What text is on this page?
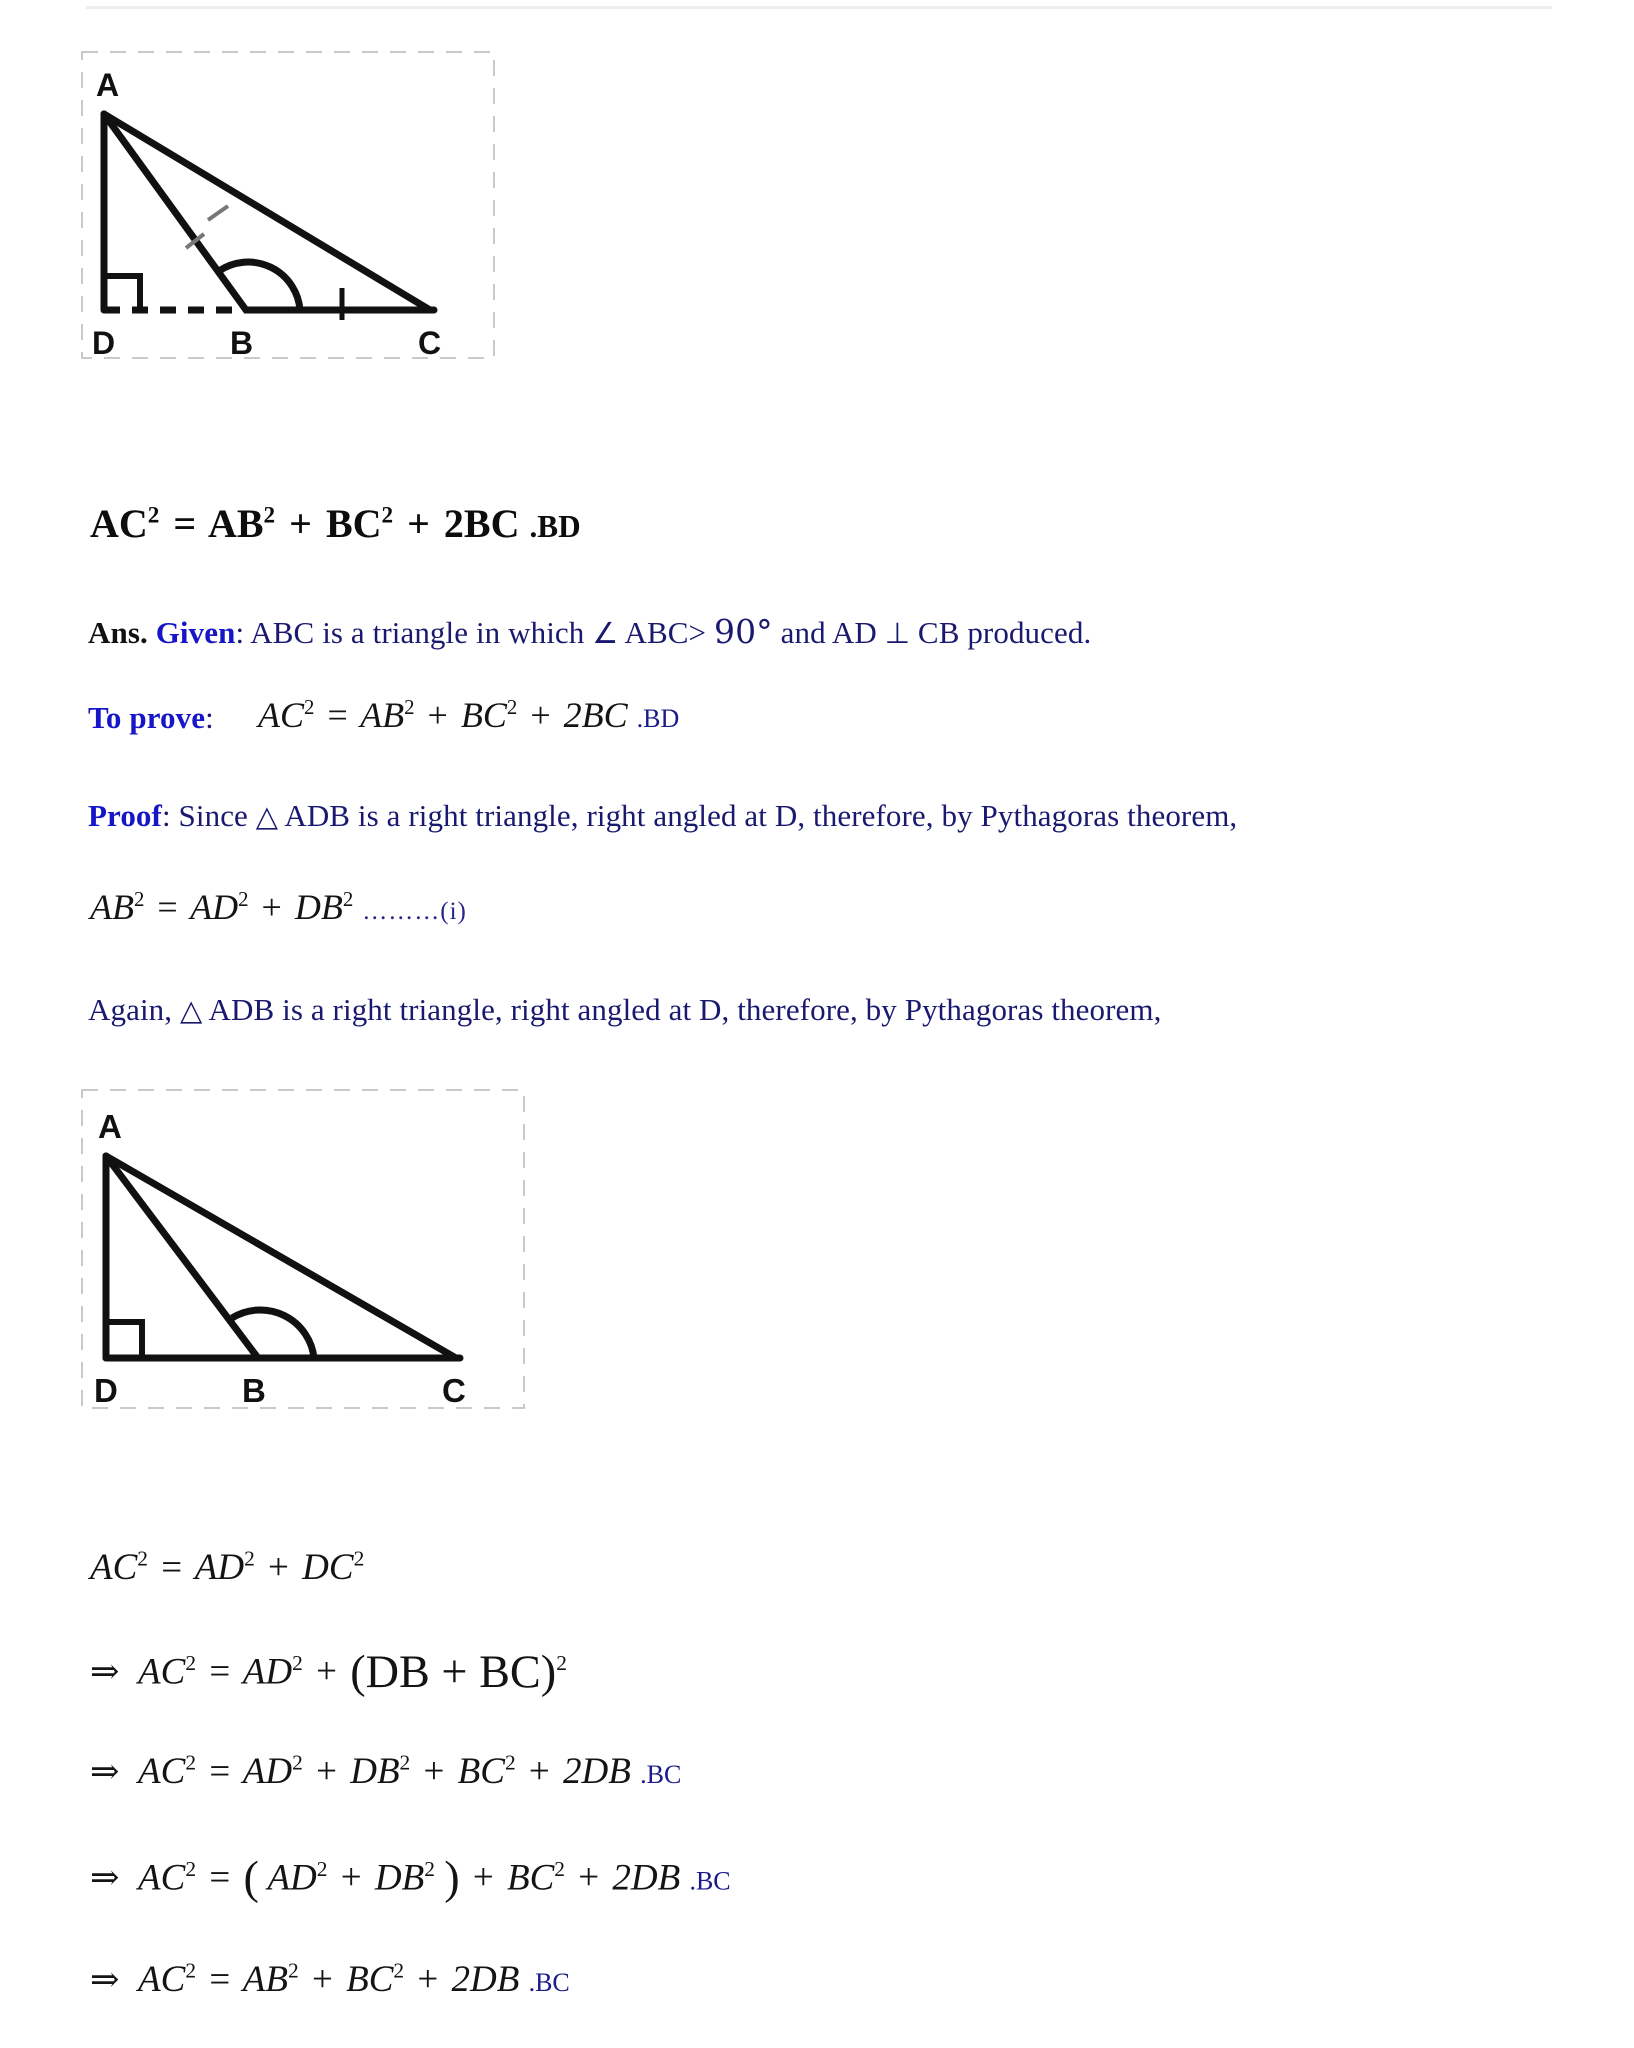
A
D	B	C
$AC^2 = AB^2 + BC^2 + 2BC$ .BD
Ans. Given: ABC is a triangle in which ∠ ABC> 90° and AD ⊥ CB produced.
To prove: $AC^2 = AB^2 + BC^2 + 2BC$ .BD
Proof: Since △ ADB is a right triangle, right angled at D, therefore, by Pythagoras theorem,
$AB^2 = AD^2 + DB^2$ ………(i)
Again, △ ADB is a right triangle, right angled at D, therefore, by Pythagoras theorem,
A
D	B	C
$AC^2 = AD^2 + DC^2$
⇒ $AC^2 = AD^2 + (DB + BC)^2$
⇒ $AC^2 = AD^2 + DB^2 + BC^2 + 2DB$ .BC
⇒ $AC^2$ = ( $AD^2 + DB^2$ ) + $BC^2 + 2DB$ .BC
⇒ $AC^2 = AB^2 + BC^2 + 2DB$ .BC
